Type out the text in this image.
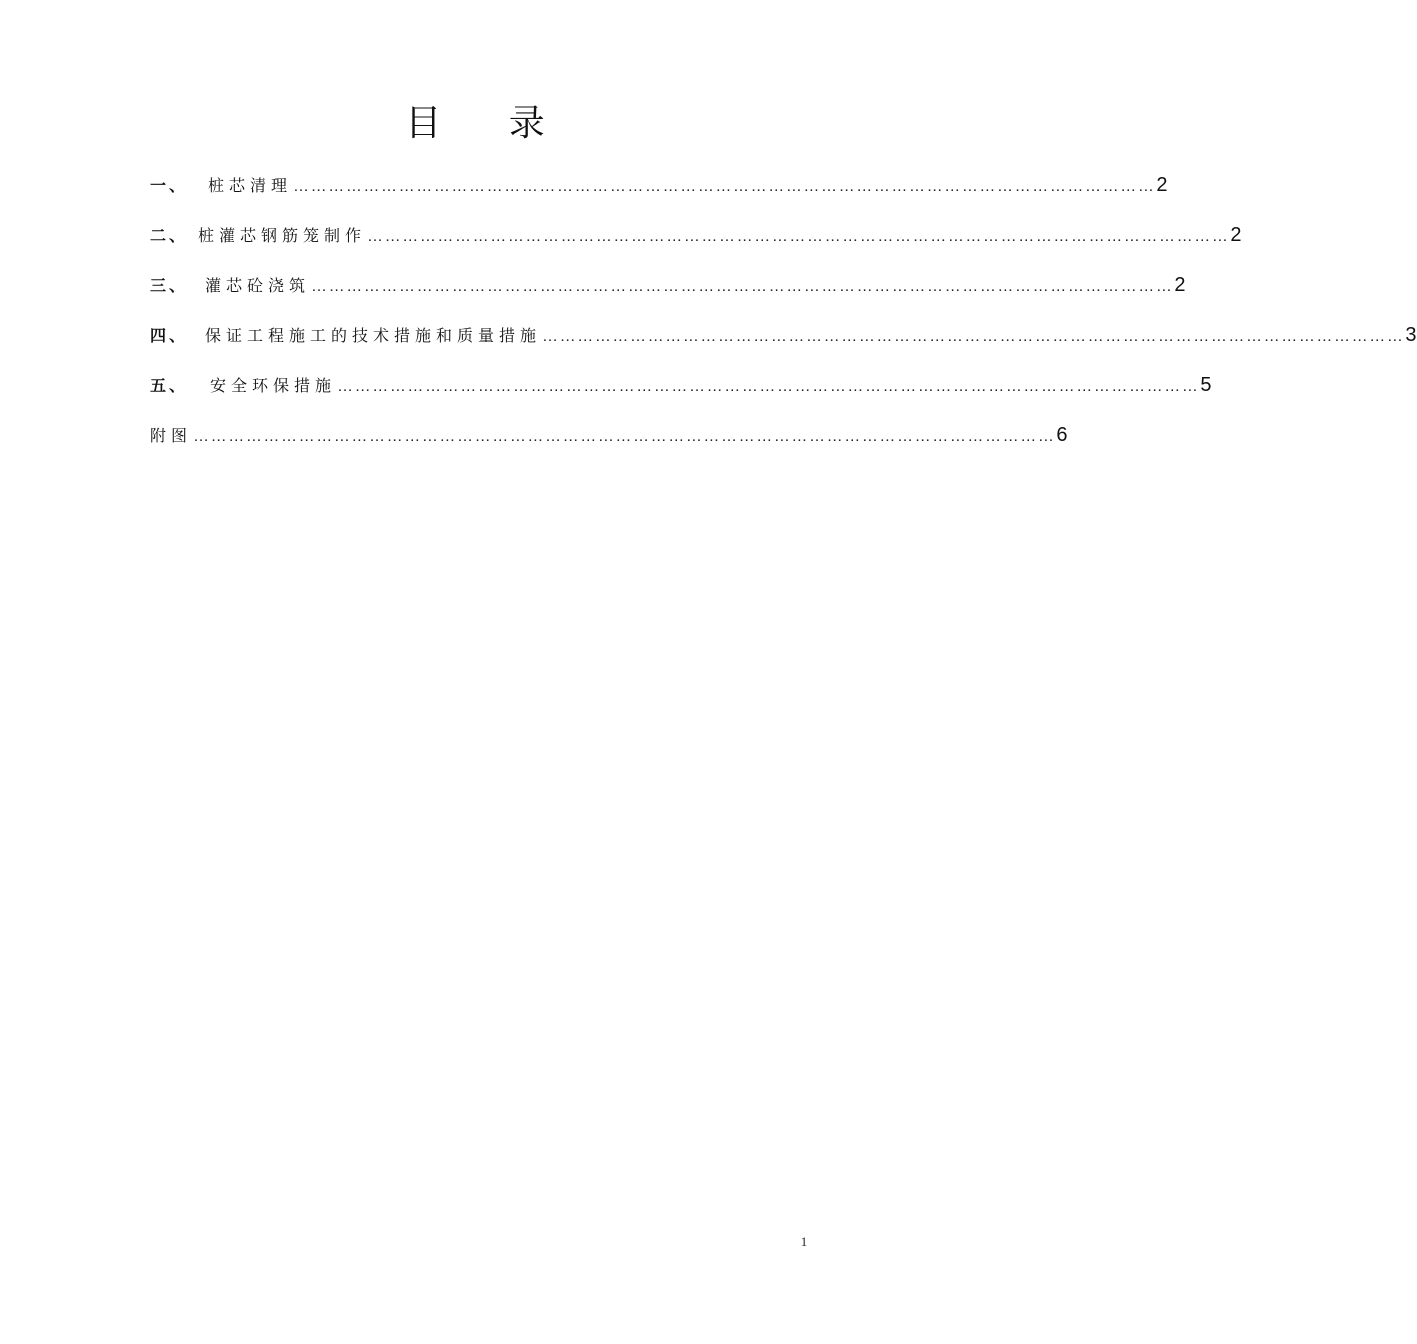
目 录
一、	桩芯清理 ………………………………………………………………………………………………………………………………… 2
二、 桩灌芯钢筋笼制作 ………………………………………………………………………………………………………………………………… 2
三、	灌芯砼浇筑 ………………………………………………………………………………………………………………………………… 2
四、	保证工程施工的技术措施和质量措施 ………………………………………………………………………………………………………………………………… 3
五、	安全环保措施 ………………………………………………………………………………………………………………………………… 5
附图 ………………………………………………………………………………………………………………………………… 6
1
